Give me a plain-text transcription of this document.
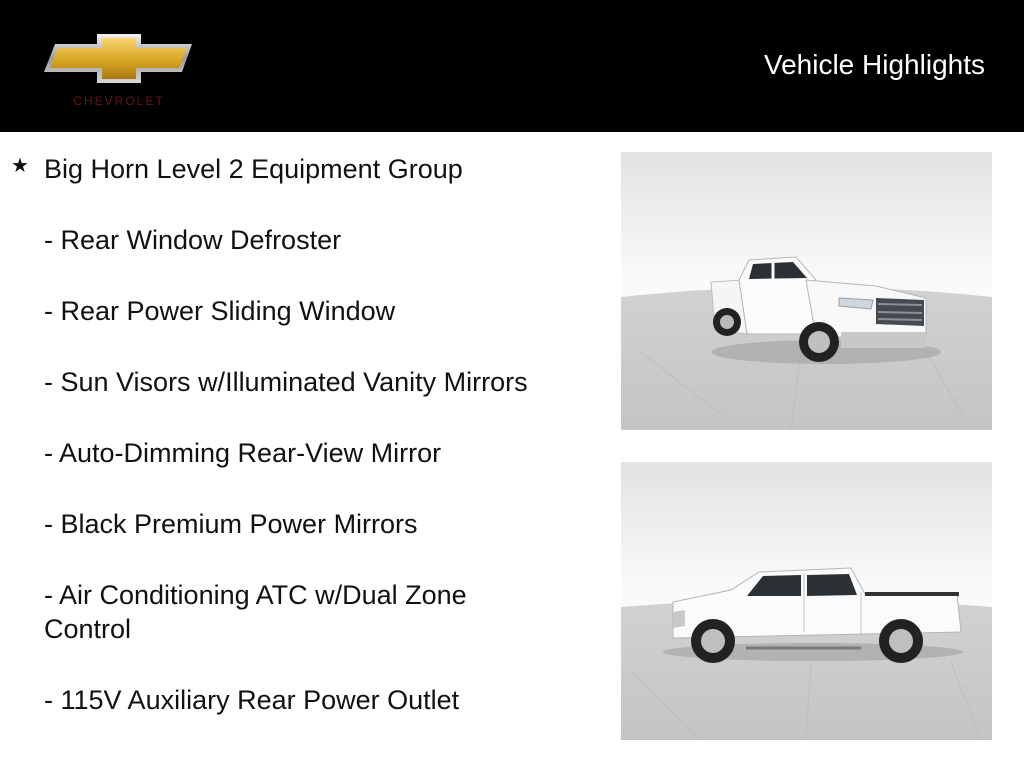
CHEVROLET
Vehicle Highlights
★ Big Horn Level 2 Equipment Group
- Rear Window Defroster
- Rear Power Sliding Window
- Sun Visors w/Illuminated Vanity Mirrors
- Auto-Dimming Rear-View Mirror
- Black Premium Power Mirrors
- Air Conditioning ATC w/Dual Zone Control
- 115V Auxiliary Rear Power Outlet
